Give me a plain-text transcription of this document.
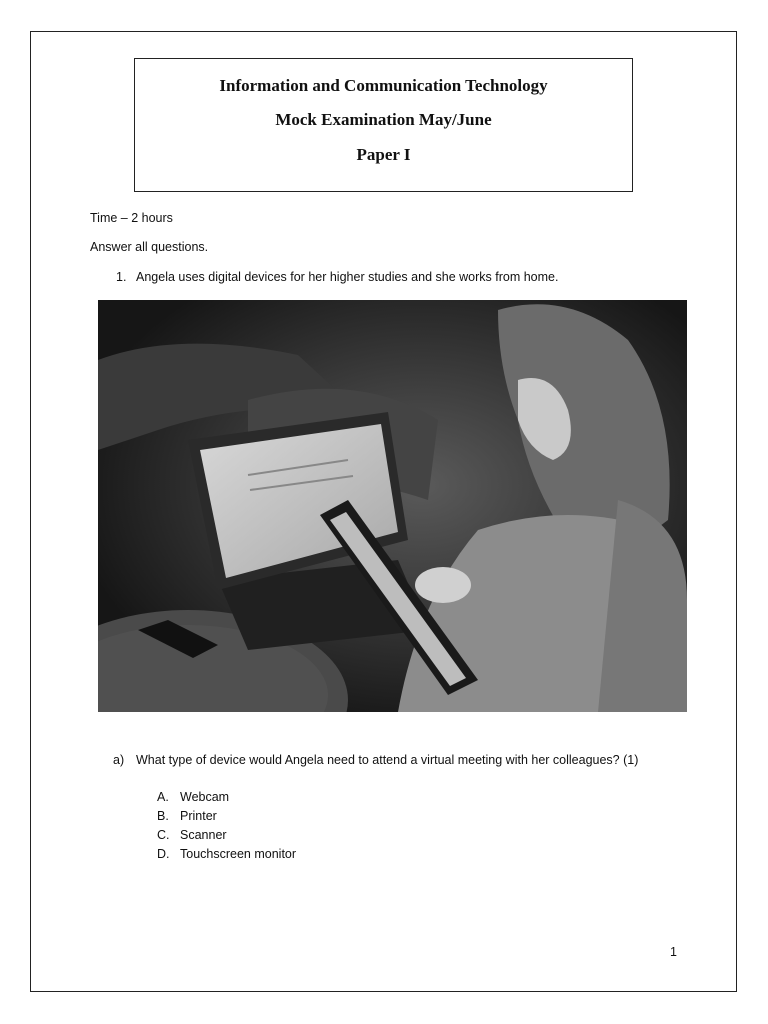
Information and Communication Technology
Mock Examination May/June
Paper I
Time – 2 hours
Answer all questions.
1. Angela uses digital devices for her higher studies and she works from home.
a) What type of device would Angela need to attend a virtual meeting with her colleagues? (1)
A. Webcam
B. Printer
C. Scanner
D. Touchscreen monitor
1
